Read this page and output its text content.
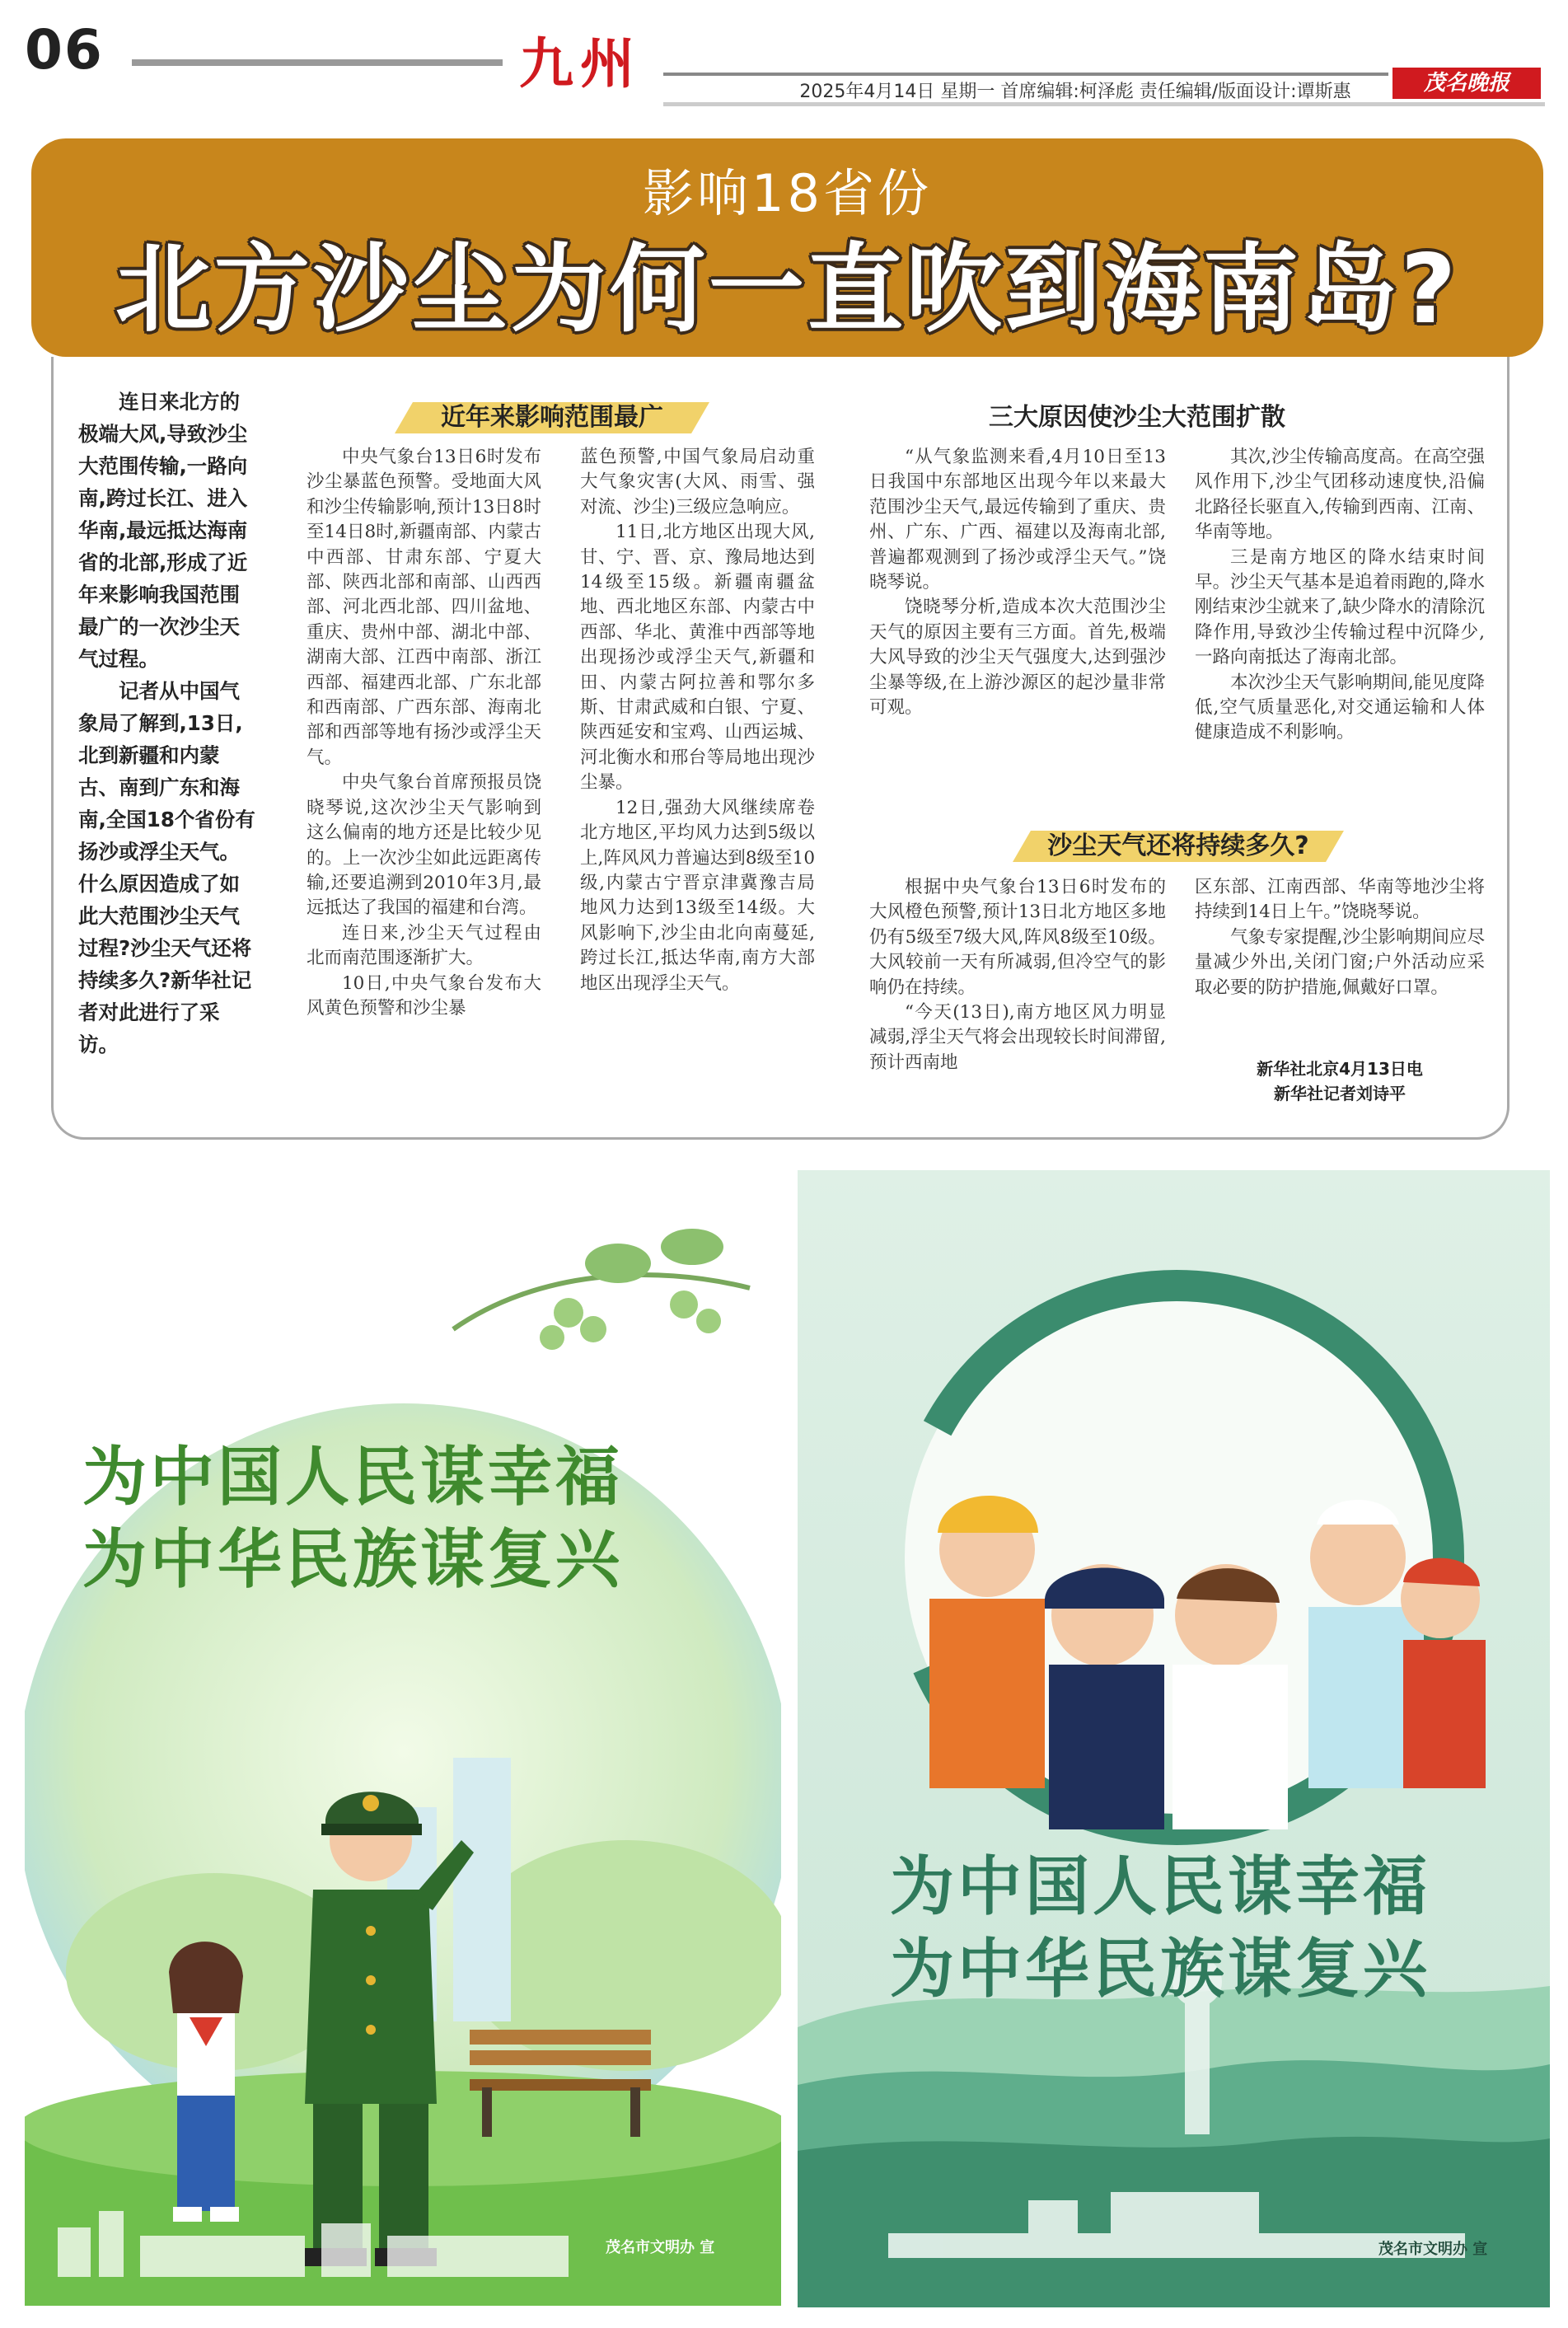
06	九州	2025年4月14日 星期一 首席编辑:柯泽彪 责任编辑/版面设计:谭斯惠	茂名晚报
影响18省份
北方沙尘为何一直吹到海南岛?

连日来北方的极端大风,导致沙尘大范围传输,一路向南,跨过长江、进入华南,最远抵达海南省的北部,形成了近年来影响我国范围最广的一次沙尘天气过程。

记者从中国气象局了解到,13日,北到新疆和内蒙古、南到广东和海南,全国18个省份有扬沙或浮尘天气。什么原因造成了如此大范围沙尘天气过程?沙尘天气还将持续多久?新华社记者对此进行了采访。

近年来影响范围最广

中央气象台13日6时发布沙尘暴蓝色预警。受地面大风和沙尘传输影响,预计13日8时至14日8时,新疆南部、内蒙古中西部、甘肃东部、宁夏大部、陕西北部和南部、山西西部、河北西北部、四川盆地、重庆、贵州中部、湖北中部、湖南大部、江西中南部、浙江西部、福建西北部、广东北部和西南部、广西东部、海南北部和西部等地有扬沙或浮尘天气。

中央气象台首席预报员饶晓琴说,这次沙尘天气影响到这么偏南的地方还是比较少见的。上一次沙尘如此远距离传输,还要追溯到2010年3月,最远抵达了我国的福建和台湾。

连日来,沙尘天气过程由北而南范围逐渐扩大。

10日,中央气象台发布大风黄色预警和沙尘暴

蓝色预警,中国气象局启动重大气象灾害(大风、雨雪、强对流、沙尘)三级应急响应。

11日,北方地区出现大风,甘、宁、晋、京、豫局地达到14级至15级。新疆南疆盆地、西北地区东部、内蒙古中西部、华北、黄淮中西部等地出现扬沙或浮尘天气,新疆和田、内蒙古阿拉善和鄂尔多斯、甘肃武威和白银、宁夏、陕西延安和宝鸡、山西运城、河北衡水和邢台等局地出现沙尘暴。

12日,强劲大风继续席卷北方地区,平均风力达到5级以上,阵风风力普遍达到8级至10级,内蒙古宁晋京津冀豫吉局地风力达到13级至14级。大风影响下,沙尘由北向南蔓延,跨过长江,抵达华南,南方大部地区出现浮尘天气。

三大原因使沙尘大范围扩散

“从气象监测来看,4月10日至13日我国中东部地区出现今年以来最大范围沙尘天气,最远传输到了重庆、贵州、广东、广西、福建以及海南北部,普遍都观测到了扬沙或浮尘天气。”饶晓琴说。

饶晓琴分析,造成本次大范围沙尘天气的原因主要有三方面。首先,极端大风导致的沙尘天气强度大,达到强沙尘暴等级,在上游沙源区的起沙量非常可观。

其次,沙尘传输高度高。在高空强风作用下,沙尘气团移动速度快,沿偏北路径长驱直入,传输到西南、江南、华南等地。

三是南方地区的降水结束时间早。沙尘天气基本是追着雨跑的,降水刚结束沙尘就来了,缺少降水的清除沉降作用,导致沙尘传输过程中沉降少,一路向南抵达了海南北部。

本次沙尘天气影响期间,能见度降低,空气质量恶化,对交通运输和人体健康造成不利影响。

沙尘天气还将持续多久?

根据中央气象台13日6时发布的大风橙色预警,预计13日北方地区多地仍有5级至7级大风,阵风8级至10级。大风较前一天有所减弱,但冷空气的影响仍在持续。

“今天(13日),南方地区风力明显减弱,浮尘天气将会出现较长时间滞留,预计西南地

区东部、江南西部、华南等地沙尘将持续到14日上午。”饶晓琴说。

气象专家提醒,沙尘影响期间应尽量减少外出,关闭门窗;户外活动应采取必要的防护措施,佩戴好口罩。

新华社北京4月13日电
新华社记者刘诗平
为中国人民谋幸福
为中华民族谋复兴
茂名市文明办 宣
为中国人民谋幸福
为中华民族谋复兴
茂名市文明办 宣
